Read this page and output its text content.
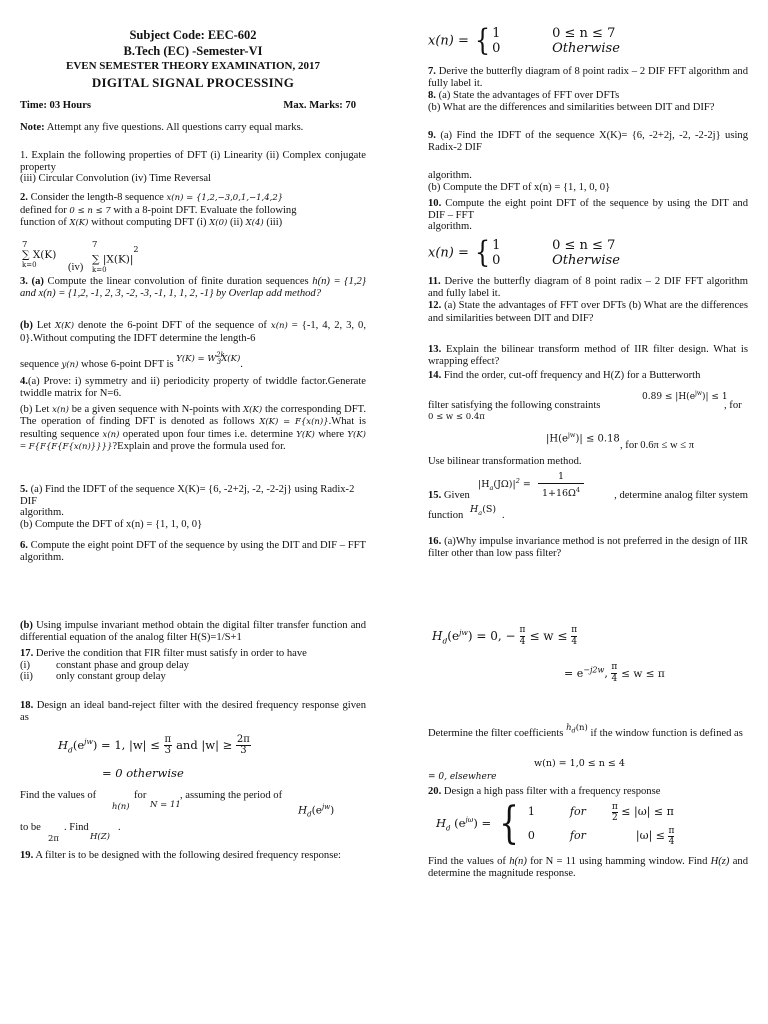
Subject Code: EEC-602
B.Tech (EC) -Semester-VI
EVEN SEMESTER THEORY EXAMINATION, 2017
DIGITAL SIGNAL PROCESSING
Time: 03 Hours	Max. Marks: 70

Note: Attempt any five questions. All questions carry equal marks.

1. Explain the following properties of DFT (i) Linearity (ii) Complex conjugate property
(iii) Circular Convolution (iv) Time Reversal

2. Consider the length-8 sequence x(n) = {1,2,−3,0,1,−1,4,2}
defined for 0 ≤ n ≤ 7 with a 8-point DFT. Evaluate the following
function of X(K) without computing DFT (i) X(0) (ii) X(4) (iii)
7
∑ X(K)
k=0	(iv)
7
∑ $|X(K)|^2$
k=0
3. (a) Compute the linear convolution of finite duration sequences h(n) = {1,2} and x(n) = {1,2, -1, 2, 3, -2, -3, -1, 1, 1, 2, -1} by Overlap add method?
(b) Let X(K) denote the 6-point DFT of the sequence of x(n) = {-1, 4, 2, 3, 0, 0}.Without computing the IDFT determine the length-6
sequence y(n) whose 6-point DFT is $^{Y(K) = W^{2k}_3X(K)}$.
4.(a) Prove: i) symmetry and ii) periodicity property of twiddle factor.Generate twiddle matrix for N=6.
(b) Let x(n) be a given sequence with N-points with X(K) the corresponding DFT. The operation of finding DFT is denoted as follows X(K) = F{x(n)}.What is resulting sequence x(n) operated upon four times i.e. determine Y(K) where Y(K) = F{F{F{F{x(n)}}}}?Explain and prove the formula used for.
5. (a) Find the IDFT of the sequence X(K)= {6, -2+2j, -2, -2-2j} using Radix-2 DIF
algorithm.
(b) Compute the DFT of x(n) = {1, 1, 0, 0}
6. Compute the eight point DFT of the sequence by using the DIT and DIF – FFT algorithm.
(b) Using impulse invariant method obtain the digital filter transfer function and differential equation of the analog filter H(S)=1/S+1
17. Derive the condition that FIR filter must satisfy in order to have
(i) constant phase and group delay
(ii) only constant group delay
18. Design an ideal band-reject filter with the desired frequency response given as
$H_d(e^{jw}) = 1$, $|w| \le \frac{\pi}{3}$ and $|w| \ge \frac{2\pi}{3}$
= 0 otherwise
Find the values of	for
h(n) N = 11
, assuming the period of
$H_d(e^{jw})$
to be
2π
. Find
H(Z)
.
19. A filter is to be designed with the following desired frequency response:
x(n) = { 1	0 ≤ n ≤ 7
0	Otherwise
7. Derive the butterfly diagram of 8 point radix – 2 DIF FFT algorithm and fully label it.
8. (a) State the advantages of FFT over DFTs
(b) What are the differences and similarities between DIT and DIF?
9. (a) Find the IDFT of the sequence X(K)= {6, -2+2j, -2, -2-2j} using Radix-2 DIF
algorithm.
(b) Compute the DFT of x(n) = {1, 1, 0, 0}
10. Compute the eight point DFT of the sequence by using the DIT and DIF – FFT
algorithm.
x(n) = { 1	0 ≤ n ≤ 7
0	Otherwise
11. Derive the butterfly diagram of 8 point radix – 2 DIF FFT algorithm and fully label it.
12. (a) State the advantages of FFT over DFTs (b) What are the differences and similarities between DIT and DIF?
13. Explain the bilinear transform method of IIR filter design. What is wrapping effect?
14. Find the order, cut-off frequency and H(Z) for a Butterworth
filter satisfying the following constraints
$0.89 \le |H(e^{jw})| \le 1$
, for
0 ≤ w ≤ 0.4π
$|H(e^{jw})| \le 0.18$
, for 0.6π ≤ w ≤ π
Use bilinear transformation method.
15. Given
$|H_a(J\Omega)|^2$ =
1
$1+16\Omega^4$	, determine analog filter system
function
$H_a(S)$
.
16. (a)Why impulse invariance method is not preferred in the design of IIR filter other than low pass filter?
$H_d(e^{jw}) = 0$, − $\frac{\pi}{4} \le w \le \frac{\pi}{4}$
= $e^{-j2w}$, $\frac{\pi}{4} \le w \le \pi$
Determine the filter coefficients $^{h_d(n)}$ if the window function is defined as
w(n) = 1,0 ≤ n ≤ 4
= 0, elsewhere
20. Design a high pass filter with a frequency response
$H_d$ $(e^{j\omega})$ = { 1	for	$\frac{\pi}{2} \le |\omega| \le \pi$
0	for	$|\omega| \le \frac{\pi}{4}$
Find the values of h(n) for N = 11 using hamming window. Find H(z) and determine the magnitude response.
